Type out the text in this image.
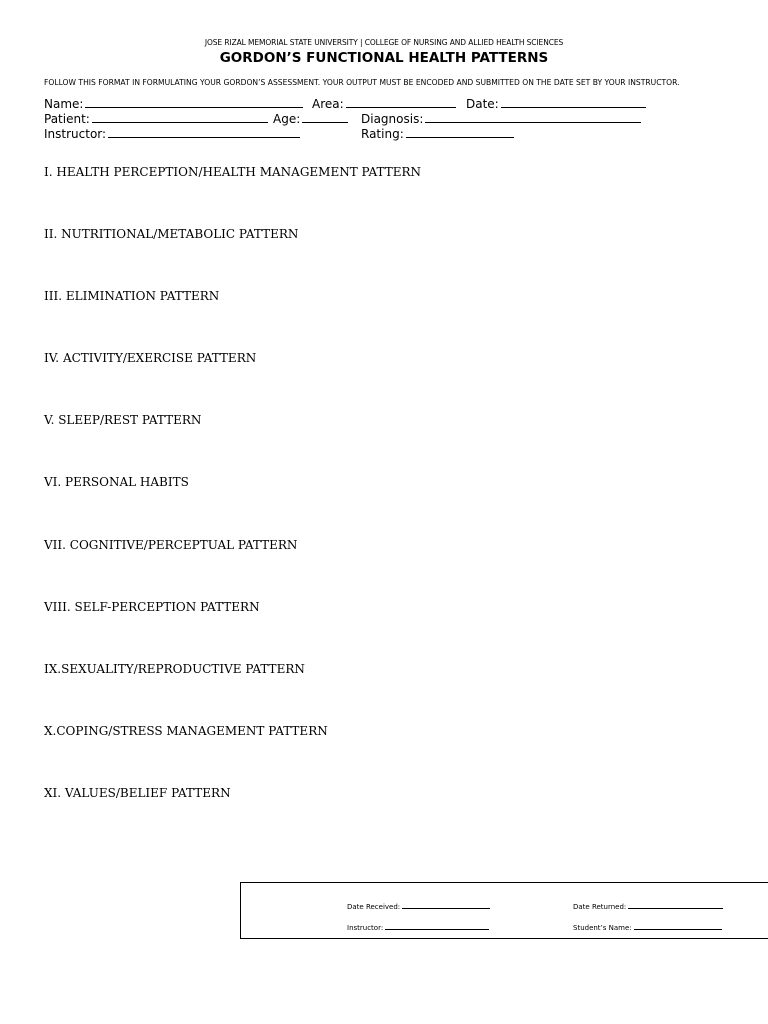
JOSE RIZAL MEMORIAL STATE UNIVERSITY | COLLEGE OF NURSING AND ALLIED HEALTH SCIENCES
GORDON’S FUNCTIONAL HEALTH PATTERNS
FOLLOW THIS FORMAT IN FORMULATING YOUR GORDON’S ASSESSMENT. YOUR OUTPUT MUST BE ENCODED AND SUBMITTED ON THE DATE SET BY YOUR INSTRUCTOR.
Name:	Area:	Date:
Patient:	Age:	Diagnosis:
Instructor:	Rating:
I. HEALTH PERCEPTION/HEALTH MANAGEMENT PATTERN
II. NUTRITIONAL/METABOLIC PATTERN
III. ELIMINATION PATTERN
IV. ACTIVITY/EXERCISE PATTERN
V. SLEEP/REST PATTERN
VI. PERSONAL HABITS
VII. COGNITIVE/PERCEPTUAL PATTERN
VIII. SELF-PERCEPTION PATTERN
IX.SEXUALITY/REPRODUCTIVE PATTERN
X.COPING/STRESS MANAGEMENT PATTERN
XI. VALUES/BELIEF PATTERN
Date Received:	Date Returned:
Instructor:	Student’s Name:
